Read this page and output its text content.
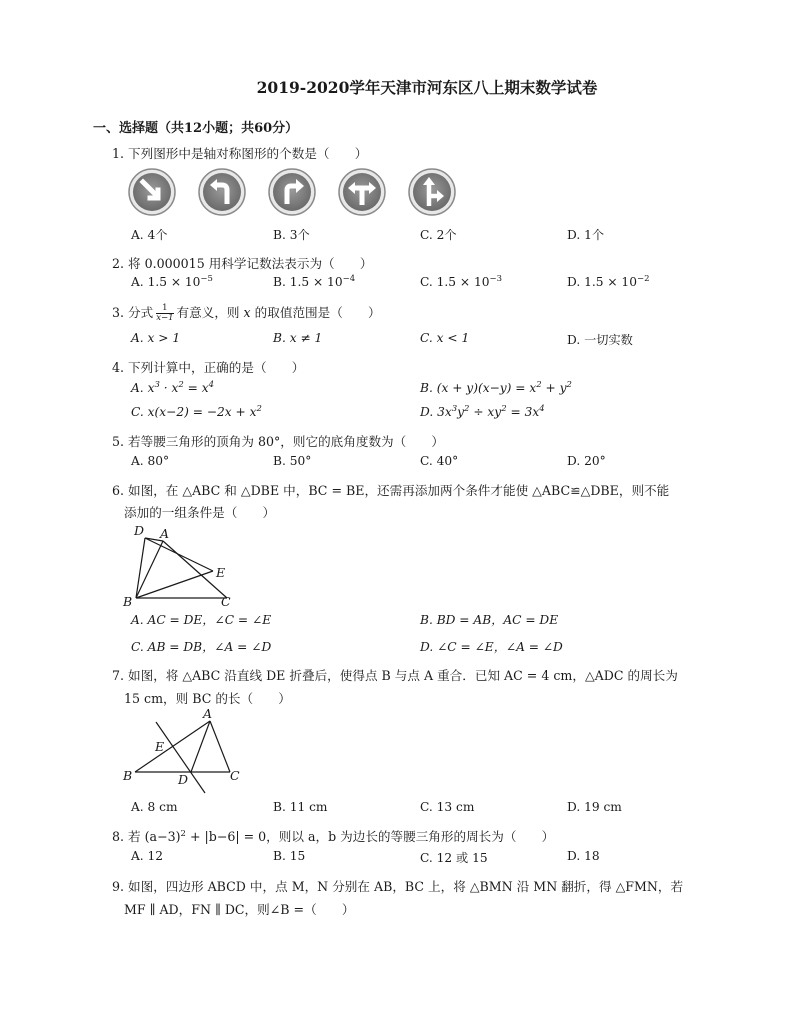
2019-2020学年天津市河东区八上期末数学试卷
一、选择题（共12小题；共60分）
1. 下列图形中是轴对称图形的个数是（　　）
A. 4个	B. 3个	C. 2个	D. 1个
2. 将 0.000015 用科学记数法表示为（　　）
A. $1.5 \times 10^{-5}$	B. $1.5 \times 10^{-4}$	C. $1.5 \times 10^{-3}$	D. $1.5 \times 10^{-2}$
3. 分式 $\frac{1}{x-1}$ 有意义，则 x 的取值范围是（　　）
A. x > 1	B. x ≠ 1	C. x < 1	D. 一切实数
4. 下列计算中，正确的是（　　）
A. $x^3 \cdot x^2 = x^4$	B. $(x + y)(x-y) = x^2 + y^2$
C. $x(x-2) = -2x + x^2$	D. $3x^3y^2 \div xy^2 = 3x^4$
5. 若等腰三角形的顶角为 80°，则它的底角度数为（　　）
A. 80°	B. 50°	C. 40°	D. 20°
6. 如图，在 △ABC 和 △DBE 中，BC = BE，还需再添加两个条件才能使 △ABC≌△DBE，则不能
添加的一组条件是（　　）
D A
E
B	C
A. AC = DE，∠C = ∠E	B. BD = AB，AC = DE
C. AB = DB，∠A = ∠D	D. ∠C = ∠E，∠A = ∠D
7. 如图，将 △ABC 沿直线 DE 折叠后，使得点 B 与点 A 重合．已知 AC = 4 cm，△ADC 的周长为
15 cm，则 BC 的长（　　）
A
E
B	D	C
A. 8 cm	B. 11 cm	C. 13 cm	D. 19 cm
8. 若 $(a-3)^2 + |b-6| = 0$，则以 a，b 为边长的等腰三角形的周长为（　　）
A. 12	B. 15	C. 12 或 15	D. 18
9. 如图，四边形 ABCD 中，点 M，N 分别在 AB，BC 上，将 △BMN 沿 MN 翻折，得 △FMN，若
MF ∥ AD，FN ∥ DC，则∠B =（　　）
